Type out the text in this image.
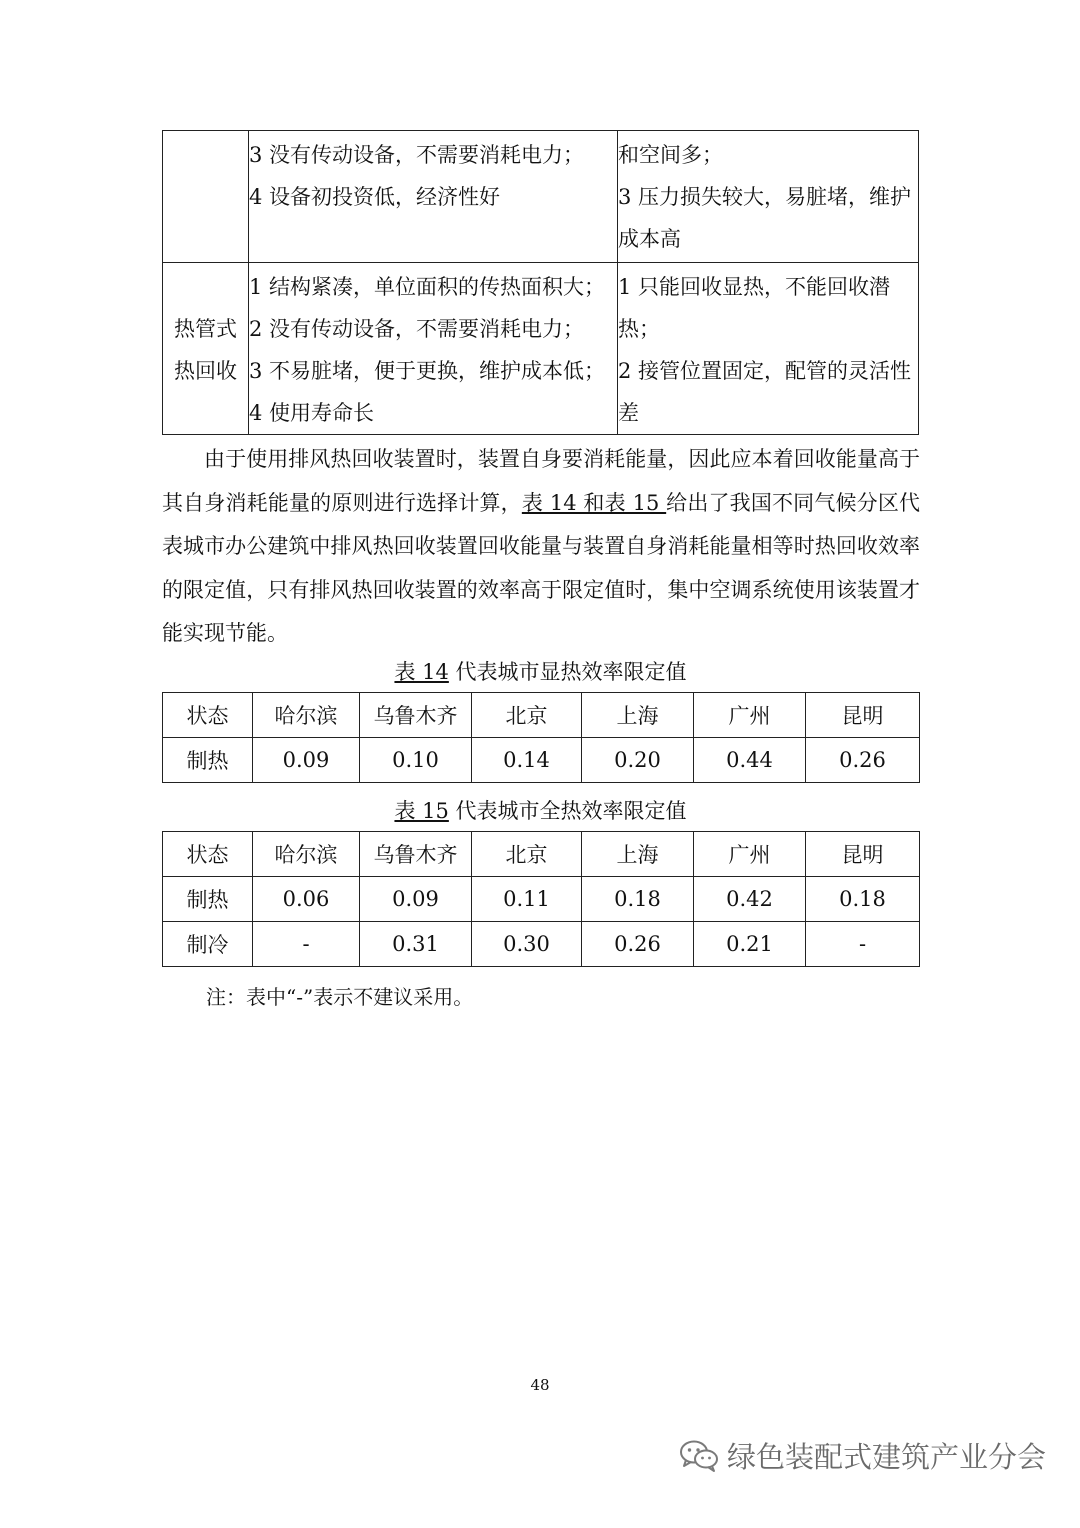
	3 没有传动设备，不需要消耗电力；
4 设备初投资低，经济性好	和空间多；
3 压力损失较大，易脏堵，维护
成本高

热管式
热回收	1 结构紧凑，单位面积的传热面积大；
2 没有传动设备，不需要消耗电力；
3 不易脏堵，便于更换，维护成本低；
4 使用寿命长	1 只能回收显热，不能回收潜
热；
2 接管位置固定，配管的灵活性
差

由于使用排风热回收装置时，装置自身要消耗能量，因此应本着回收能量高于其自身消耗能量的原则进行选择计算，表 14 和表 15 给出了我国不同气候分区代表城市办公建筑中排风热回收装置回收能量与装置自身消耗能量相等时热回收效率的限定值，只有排风热回收装置的效率高于限定值时，集中空调系统使用该装置才能实现节能。

表 14 代表城市显热效率限定值
状态	哈尔滨	乌鲁木齐	北京	上海	广州	昆明
制热	0.09	0.10	0.14	0.20	0.44	0.26
表 15 代表城市全热效率限定值
状态	哈尔滨	乌鲁木齐	北京	上海	广州	昆明
制热	0.06	0.09	0.11	0.18	0.42	0.18
制冷	-	0.31	0.30	0.26	0.21	-
注：表中“-”表示不建议采用。
48
绿色装配式建筑产业分会
